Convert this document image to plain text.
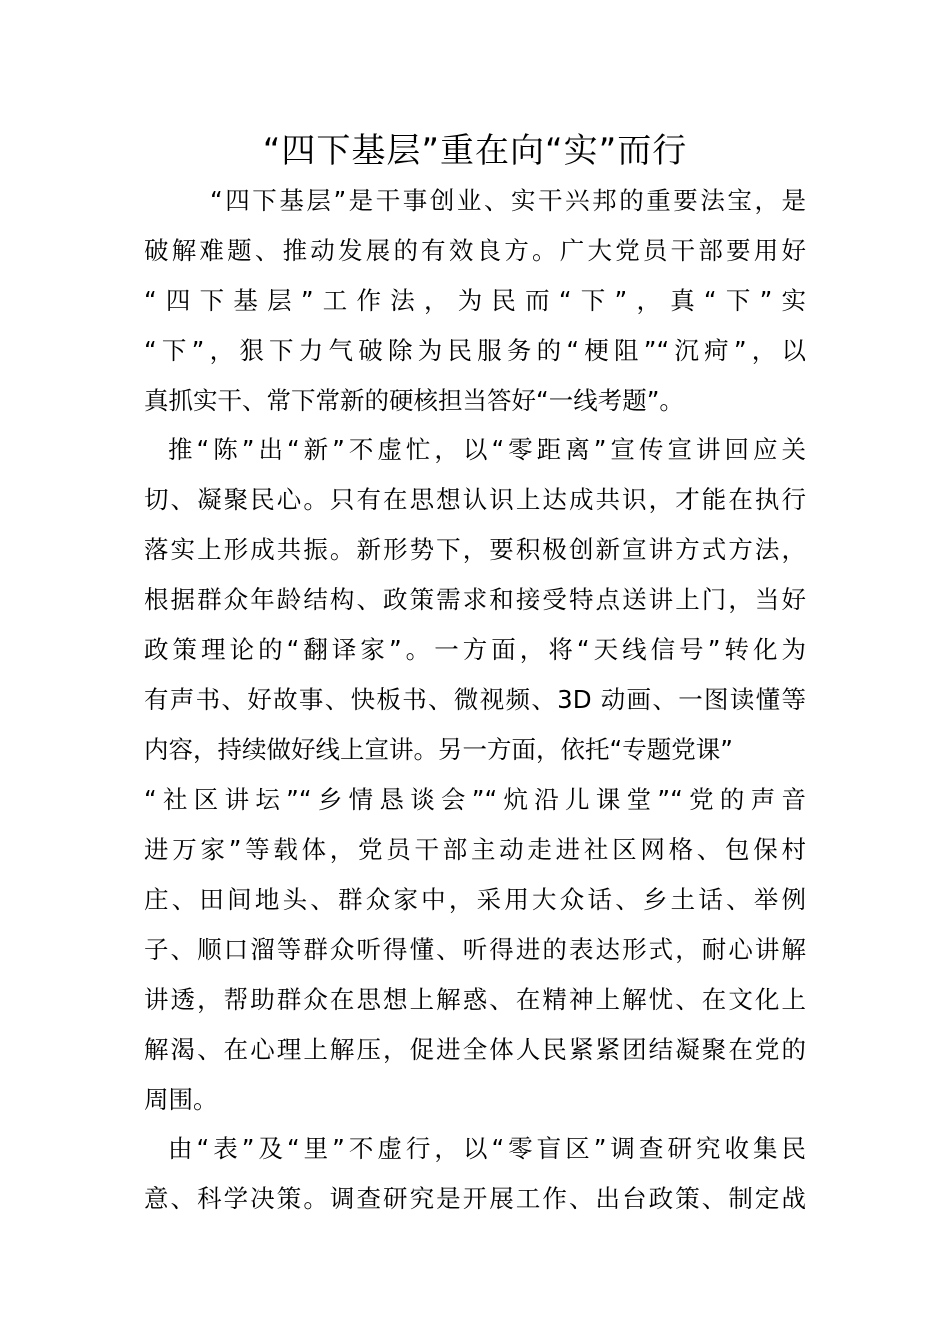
“四下基层”重在向“实”而行
“四下基层”是干事创业、实干兴邦的重要法宝，是
破解难题、推动发展的有效良方。广大党员干部要用好
“四下基层”工作法，为民而“下”，真“下”实
“下”，狠下力气破除为民服务的“梗阻”“沉疴”，以
真抓实干、常下常新的硬核担当答好“一线考题”。
推“陈”出“新”不虚忙，以“零距离”宣传宣讲回应关
切、凝聚民心。只有在思想认识上达成共识，才能在执行
落实上形成共振。新形势下，要积极创新宣讲方式方法，
根据群众年龄结构、政策需求和接受特点送讲上门，当好
政策理论的“翻译家”。一方面，将“天线信号”转化为
有声书、好故事、快板书、微视频、3D 动画、一图读懂等
内容，持续做好线上宣讲。另一方面，依托“专题党课”
“社区讲坛”“乡情恳谈会”“炕沿儿课堂”“党的声音
进万家”等载体，党员干部主动走进社区网格、包保村
庄、田间地头、群众家中，采用大众话、乡土话、举例
子、顺口溜等群众听得懂、听得进的表达形式，耐心讲解
讲透，帮助群众在思想上解惑、在精神上解忧、在文化上
解渴、在心理上解压，促进全体人民紧紧团结凝聚在党的
周围。
由“表”及“里”不虚行，以“零盲区”调查研究收集民
意、科学决策。调查研究是开展工作、出台政策、制定战
